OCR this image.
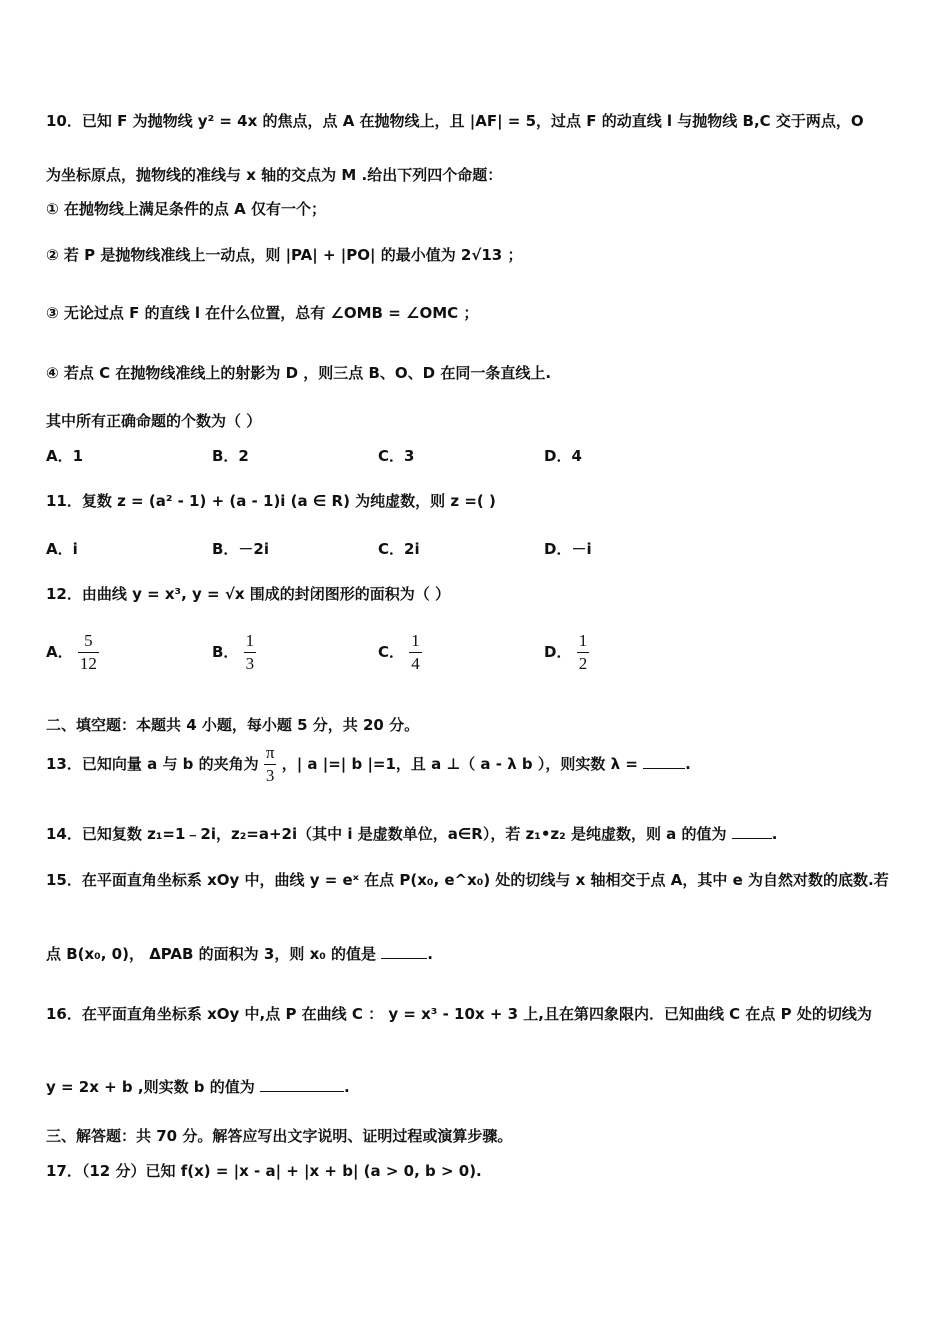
10．已知 F 为抛物线 y² = 4x 的焦点，点 A 在抛物线上，且 |AF| = 5，过点 F 的动直线 l 与抛物线 B,C 交于两点，O
为坐标原点，抛物线的准线与 x 轴的交点为 M .给出下列四个命题：
① 在抛物线上满足条件的点 A 仅有一个；
② 若 P 是抛物线准线上一动点，则 |PA| + |PO| 的最小值为 2√13 ；
③ 无论过点 F 的直线 l 在什么位置，总有 ∠OMB = ∠OMC ；
④ 若点 C 在抛物线准线上的射影为 D ，则三点 B、O、D 在同一条直线上.
其中所有正确命题的个数为（ ）
A．1	B．2	C．3	D．4
11．复数 z = (a² - 1) + (a - 1)i (a ∈ R) 为纯虚数，则 z =( )
A．i	B．－2i	C．2i	D．－i
12．由曲线 y = x³, y = √x 围成的封闭图形的面积为（ ）
A． $\frac{5}{12}$	B． $\frac{1}{3}$	C． $\frac{1}{4}$	D． $\frac{1}{2}$
二、填空题：本题共 4 小题，每小题 5 分，共 20 分。
13．已知向量 a 与 b 的夹角为 $\frac{\pi}{3}$ ，| a |=| b |=1，且 a ⊥（ a - λ b ），则实数 λ =	.
14．已知复数 z₁=1﹣2i，z₂=a+2i（其中 i 是虚数单位，a∈R），若 z₁•z₂ 是纯虚数，则 a 的值为	.
15．在平面直角坐标系 xOy 中，曲线 y = eˣ 在点 P(x₀, e^x₀) 处的切线与 x 轴相交于点 A，其中 e 为自然对数的底数.若
点 B(x₀, 0)， ΔPAB 的面积为 3，则 x₀ 的值是	.
16．在平面直角坐标系 xOy 中,点 P 在曲线 C ： y = x³ - 10x + 3 上,且在第四象限内．已知曲线 C 在点 P 处的切线为
y = 2x + b ,则实数 b 的值为	.
三、解答题：共 70 分。解答应写出文字说明、证明过程或演算步骤。
17．（12 分）已知 f(x) = |x - a| + |x + b| (a > 0, b > 0).
